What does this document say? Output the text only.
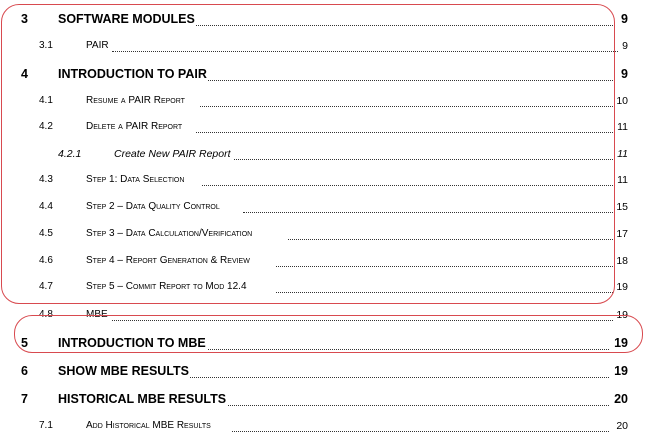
3 SOFTWARE MODULES	9
3.1	PAIR	9
4 INTRODUCTION TO PAIR	9
4.1	Resume a PAIR Report	10
4.2	Delete a PAIR Report	11
4.2.1	Create New PAIR Report	11
4.3	Step 1: Data Selection	11
4.4	Step 2 – Data Quality Control	15
4.5	Step 3 – Data Calculation/Verification	17
4.6	Step 4 – Report Generation & Review	18
4.7	Step 5 – Commit Report to Mod 12.4	19
4.8	MBE	19
5 INTRODUCTION TO MBE	19
6 SHOW MBE RESULTS	19
7 HISTORICAL MBE RESULTS	20
7.1	Add Historical MBE Results	20
